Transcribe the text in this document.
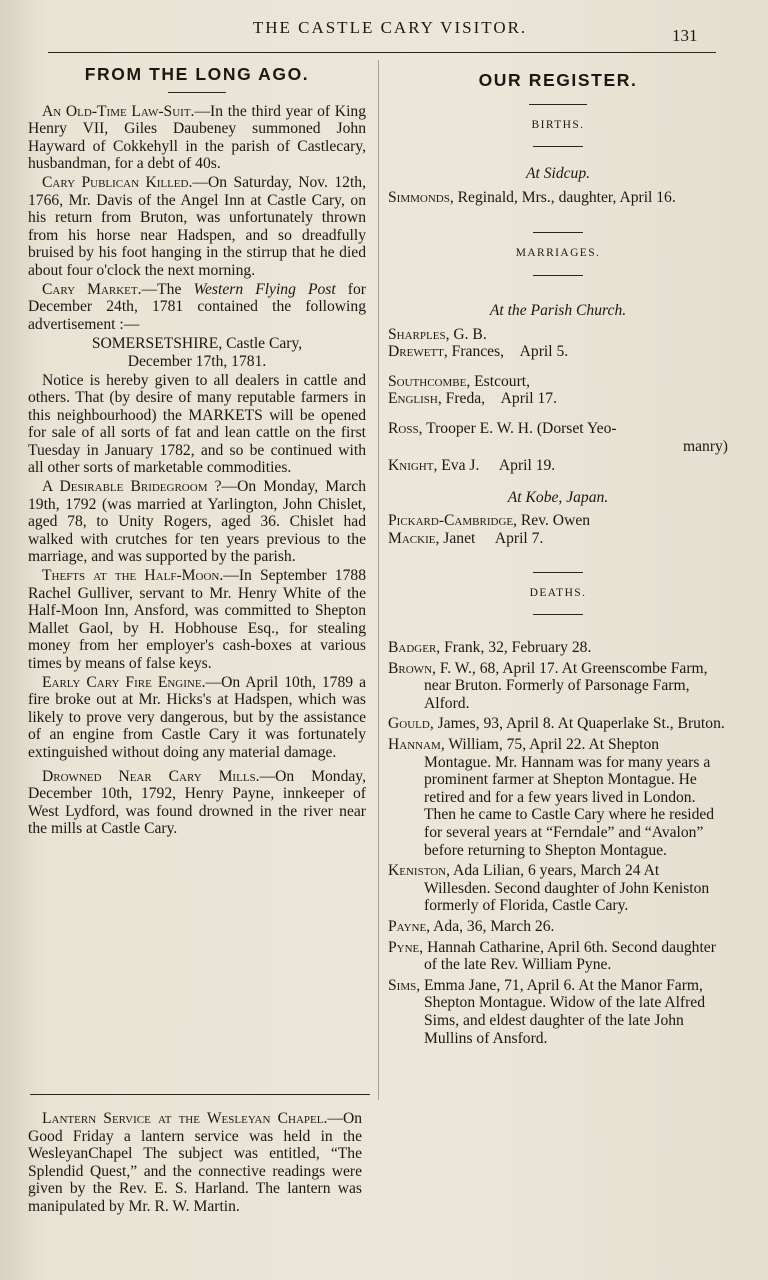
THE CASTLE CARY VISITOR.	131
FROM THE LONG AGO.

An Old-Time Law-Suit.—In the third year of King Henry VII, Giles Daubeney summoned John Hayward of Cokkehyll in the parish of Castlecary, husbandman, for a debt of 40s.

Cary Publican Killed.—On Saturday, Nov. 12th, 1766, Mr. Davis of the Angel Inn at Castle Cary, on his return from Bruton, was unfortunately thrown from his horse near Hadspen, and so dreadfully bruised by his foot hanging in the stirrup that he died about four o'clock the next morning.

Cary Market.—The Western Flying Post for December 24th, 1781 contained the following advertisement :—

SOMERSETSHIRE, Castle Cary,
December 17th, 1781.

Notice is hereby given to all dealers in cattle and others. That (by desire of many reputable farmers in this neighbourhood) the MARKETS will be opened for sale of all sorts of fat and lean cattle on the first Tuesday in January 1782, and so be continued with all other sorts of marketable commodities.

A Desirable Bridegroom ?—On Monday, March 19th, 1792 (was married at Yarlington, John Chislet, aged 78, to Unity Rogers, aged 36. Chislet had walked with crutches for ten years previous to the marriage, and was supported by the parish.

Thefts at the Half-Moon.—In September 1788 Rachel Gulliver, servant to Mr. Henry White of the Half-Moon Inn, Ansford, was committed to Shepton Mallet Gaol, by H. Hobhouse Esq., for stealing money from her employer's cash-boxes at various times by means of false keys.

Early Cary Fire Engine.—On April 10th, 1789 a fire broke out at Mr. Hicks's at Hadspen, which was likely to prove very dangerous, but by the assistance of an engine from Castle Cary it was fortunately extinguished without doing any material damage.

Drowned Near Cary Mills.—On Monday, December 10th, 1792, Henry Payne, innkeeper of West Lydford, was found drowned in the river near the mills at Castle Cary.

Lantern Service at the Wesleyan Chapel.—On Good Friday a lantern service was held in the WesleyanChapel The subject was entitled, “The Splendid Quest,” and the connective readings were given by the Rev. E. S. Harland. The lantern was manipulated by Mr. R. W. Martin.

OUR REGISTER.
BIRTHS.

At Sidcup.

Simmonds, Reginald, Mrs., daughter, April 16.

MARRIAGES.

At the Parish Church.

Sharples, G. B.
Drewett, Frances, April 5.

Southcombe, Estcourt,
English, Freda, April 17.

Ross, Trooper E. W. H. (Dorset Yeo-

manry)

Knight, Eva J. April 19.

At Kobe, Japan.

Pickard-Cambridge, Rev. Owen
Mackie, Janet April 7.

DEATHS.

Badger, Frank, 32, February 28.

Brown, F. W., 68, April 17. At Greenscombe Farm, near Bruton. Formerly of Parsonage Farm, Alford.

Gould, James, 93, April 8. At Quaperlake St., Bruton.

Hannam, William, 75, April 22. At Shepton Montague. Mr. Hannam was for many years a prominent farmer at Shepton Montague. He retired and for a few years lived in London. Then he came to Castle Cary where he resided for several years at “Ferndale” and “Avalon” before returning to Shepton Montague.

Keniston, Ada Lilian, 6 years, March 24 At Willesden. Second daughter of John Keniston formerly of Florida, Castle Cary.

Payne, Ada, 36, March 26.

Pyne, Hannah Catharine, April 6th. Second daughter of the late Rev. William Pyne.

Sims, Emma Jane, 71, April 6. At the Manor Farm, Shepton Montague. Widow of the late Alfred Sims, and eldest daughter of the late John Mullins of Ansford.
